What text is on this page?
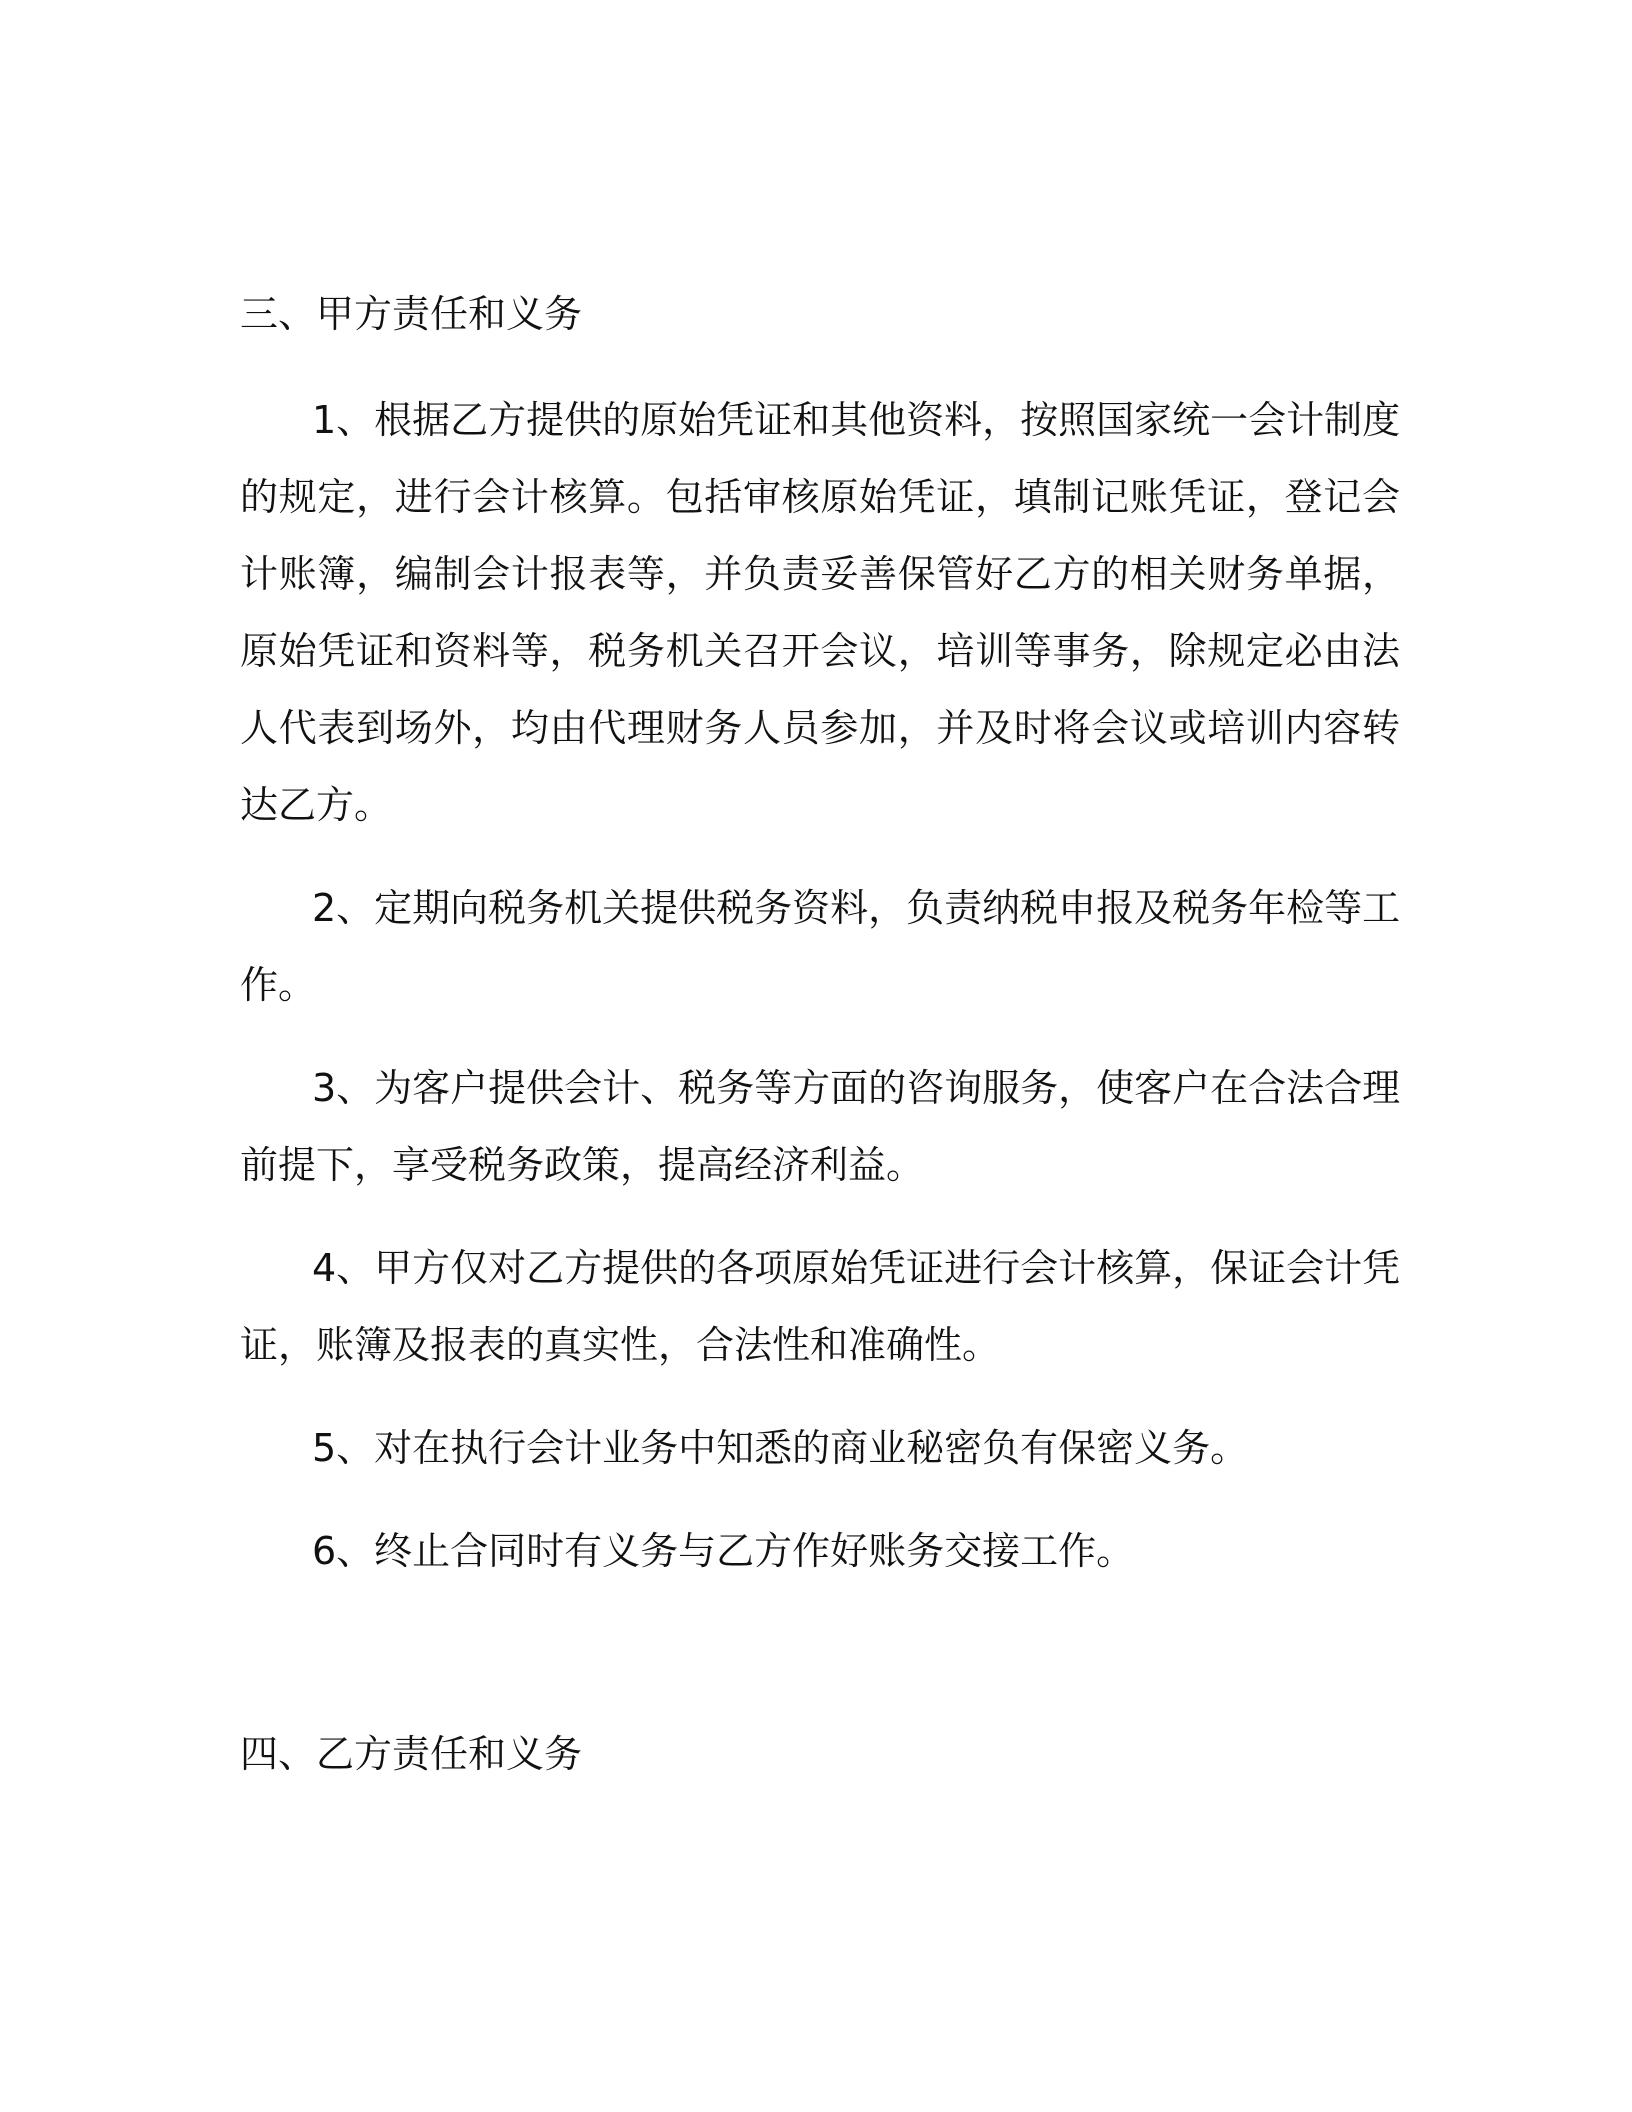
三、甲方责任和义务
1、根据乙方提供的原始凭证和其他资料，按照国家统一会计制度
的规定，进行会计核算。包括审核原始凭证，填制记账凭证，登记会
计账簿，编制会计报表等，并负责妥善保管好乙方的相关财务单据，
原始凭证和资料等，税务机关召开会议，培训等事务，除规定必由法
人代表到场外，均由代理财务人员参加，并及时将会议或培训内容转
达乙方。
2、定期向税务机关提供税务资料，负责纳税申报及税务年检等工
作。
3、为客户提供会计、税务等方面的咨询服务，使客户在合法合理
前提下，享受税务政策，提高经济利益。
4、甲方仅对乙方提供的各项原始凭证进行会计核算，保证会计凭
证，账簿及报表的真实性，合法性和准确性。
5、对在执行会计业务中知悉的商业秘密负有保密义务。
6、终止合同时有义务与乙方作好账务交接工作。
四、乙方责任和义务
